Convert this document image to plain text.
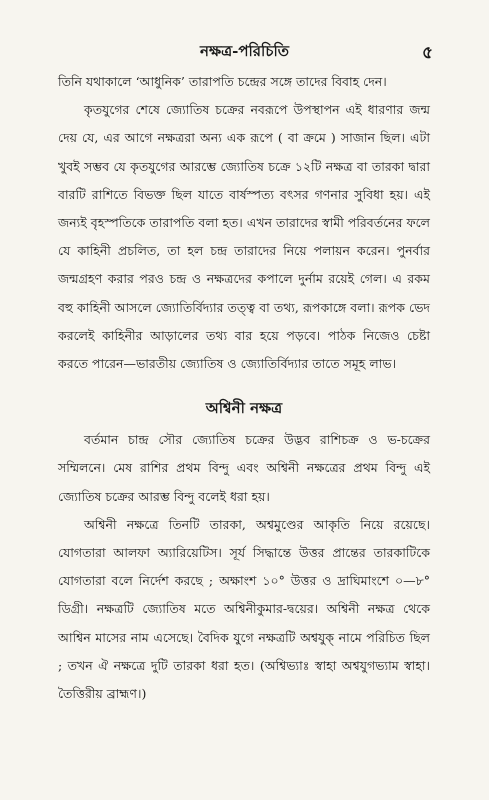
নক্ষত্র-পরিচিতি	৫

তিনি যথাকালে ‘আধুনিক’ তারাপতি চন্দ্রের সঙ্গে তাদের বিবাহ দেন।

কৃতযুগের শেষে জ্যোতিষ চক্রের নবরূপে উপস্থাপন এই ধারণার জন্ম দেয় যে, এর আগে নক্ষত্ররা অন্য এক রূপে ( বা ক্রমে ) সাজান ছিল। এটা খুবই সম্ভব যে কৃতযুগের আরম্ভে জ্যোতিষ চক্রে ১২টি নক্ষত্র বা তারকা দ্বারা বারটি রাশিতে বিভক্ত ছিল যাতে বার্ষস্পত্য বৎসর গণনার সুবিধা হয়। এই জন্যই বৃহস্পতিকে তারাপতি বলা হত। এখন তারাদের স্বামী পরিবর্তনের ফলে যে কাহিনী প্রচলিত, তা হল চন্দ্র তারাদের নিয়ে পলায়ন করেন। পুনর্বার জন্মগ্রহণ করার পরও চন্দ্র ও নক্ষত্রদের কপালে দুর্নাম রয়েই গেল। এ রকম বহু কাহিনী আসলে জ্যোতির্বিদ্যার তত্ত্ব বা তথ্য, রূপকাঙ্গে বলা। রূপক ভেদ করলেই কাহিনীর আড়ালের তথ্য বার হয়ে পড়বে। পাঠক নিজেও চেষ্টা করতে পারেন—ভারতীয় জ্যোতিষ ও জ্যোতির্বিদ্যার তাতে সমূহ লাভ।

অশ্বিনী নক্ষত্র

বর্তমান চান্দ্র সৌর জ্যোতিষ চক্রের উদ্ভব রাশিচক্র ও ভ-চক্রের সম্মিলনে। মেষ রাশির প্রথম বিন্দু এবং অশ্বিনী নক্ষত্রের প্রথম বিন্দু এই জ্যোতিষ চক্রের আরম্ভ বিন্দু বলেই ধরা হয়।

অশ্বিনী নক্ষত্রে তিনটি তারকা, অশ্বমুণ্ডের আকৃতি নিয়ে রয়েছে। যোগতারা আলফা অ্যারিয়েটিস। সূর্য সিদ্ধান্তে উত্তর প্রান্তের তারকাটিকে যোগতারা বলে নির্দেশ করছে ; অক্ষাংশ ১০° উত্তর ও দ্রাঘিমাংশে ০—৮° ডিগ্রী। নক্ষত্রটি জ্যোতিষ মতে অশ্বিনীকুমার-দ্বয়ের। অশ্বিনী নক্ষত্র থেকে আশ্বিন মাসের নাম এসেছে। বৈদিক যুগে নক্ষত্রটি অশ্বযুক্ নামে পরিচিত ছিল ; তখন ঐ নক্ষত্রে দুটি তারকা ধরা হত। (অশ্বিভ্যাঃ স্বাহা অশ্বযুগভ্যাম স্বাহা। তৈত্তিরীয় ব্রাহ্মণ।)
